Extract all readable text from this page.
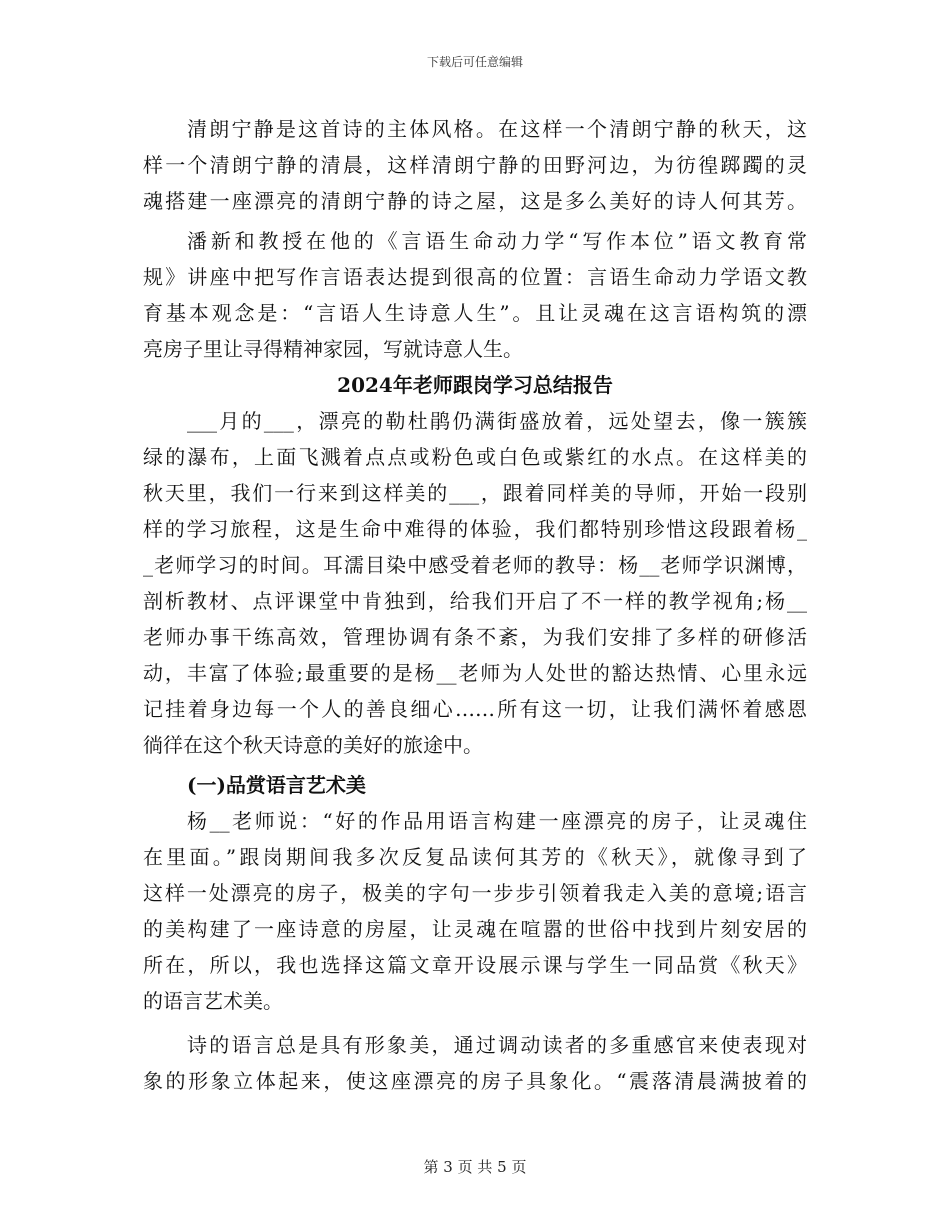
下载后可任意编辑
清朗宁静是这首诗的主体风格。在这样一个清朗宁静的秋天，这
样一个清朗宁静的清晨，这样清朗宁静的田野河边，为彷徨踯躅的灵
魂搭建一座漂亮的清朗宁静的诗之屋，这是多么美好的诗人何其芳。
潘新和教授在他的《言语生命动力学“写作本位”语文教育常
规》讲座中把写作言语表达提到很高的位置：言语生命动力学语文教
育基本观念是：“言语人生诗意人生”。且让灵魂在这言语构筑的漂
亮房子里让寻得精神家园，写就诗意人生。
2024年老师跟岗学习总结报告
___月的___，漂亮的勒杜鹃仍满街盛放着，远处望去，像一簇簇
绿的瀑布，上面飞溅着点点或粉色或白色或紫红的水点。在这样美的
秋天里，我们一行来到这样美的___，跟着同样美的导师，开始一段别
样的学习旅程，这是生命中难得的体验，我们都特别珍惜这段跟着杨_
_老师学习的时间。耳濡目染中感受着老师的教导：杨__老师学识渊博，
剖析教材、点评课堂中肯独到，给我们开启了不一样的教学视角;杨__
老师办事干练高效，管理协调有条不紊，为我们安排了多样的研修活
动，丰富了体验;最重要的是杨__老师为人处世的豁达热情、心里永远
记挂着身边每一个人的善良细心……所有这一切，让我们满怀着感恩
徜徉在这个秋天诗意的美好的旅途中。
(一)品赏语言艺术美
杨__老师说：“好的作品用语言构建一座漂亮的房子，让灵魂住
在里面。”跟岗期间我多次反复品读何其芳的《秋天》，就像寻到了
这样一处漂亮的房子，极美的字句一步步引领着我走入美的意境;语言
的美构建了一座诗意的房屋，让灵魂在喧嚣的世俗中找到片刻安居的
所在，所以，我也选择这篇文章开设展示课与学生一同品赏《秋天》
的语言艺术美。
诗的语言总是具有形象美，通过调动读者的多重感官来使表现对
象的形象立体起来，使这座漂亮的房子具象化。“震落清晨满披着的
第 3 页 共 5 页
